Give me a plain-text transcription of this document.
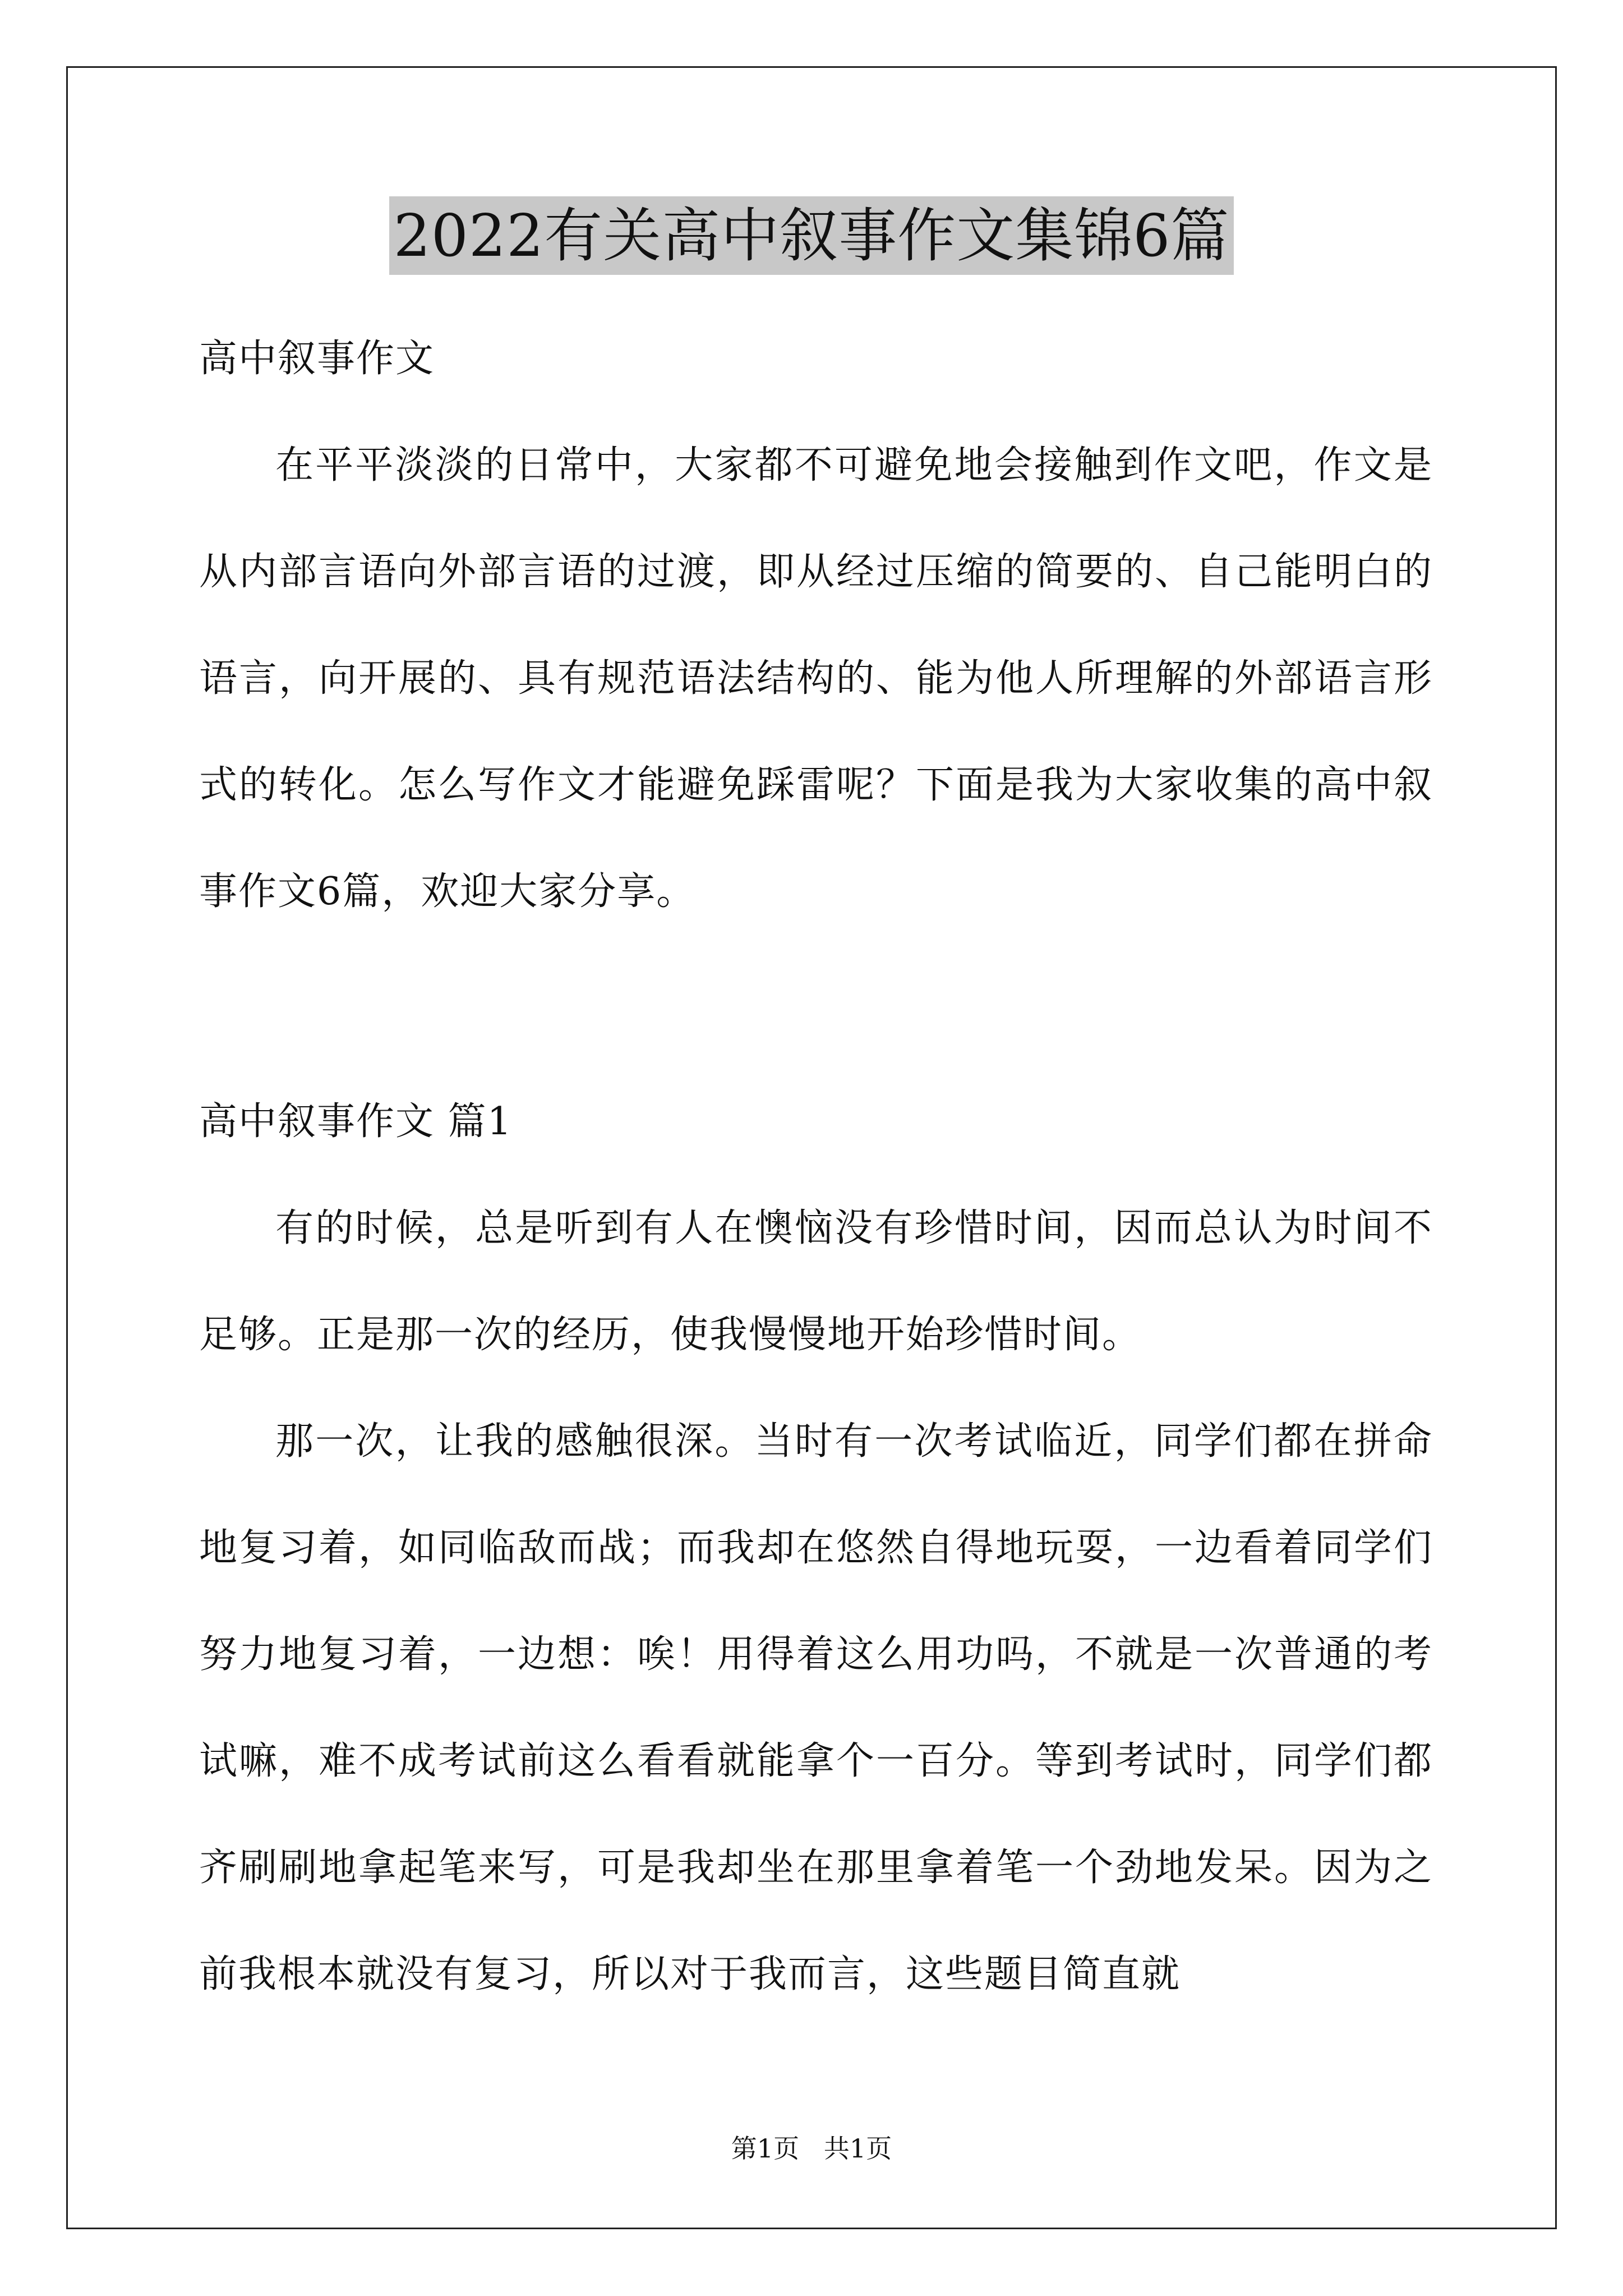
2022有关高中叙事作文集锦6篇

高中叙事作文

在平平淡淡的日常中，大家都不可避免地会接触到作文吧，作文是从内部言语向外部言语的过渡，即从经过压缩的简要的、自己能明白的语言，向开展的、具有规范语法结构的、能为他人所理解的外部语言形式的转化。怎么写作文才能避免踩雷呢？下面是我为大家收集的高中叙事作文6篇，欢迎大家分享。

高中叙事作文 篇1

有的时候，总是听到有人在懊恼没有珍惜时间，因而总认为时间不足够。正是那一次的经历，使我慢慢地开始珍惜时间。

那一次，让我的感触很深。当时有一次考试临近，同学们都在拼命地复习着，如同临敌而战；而我却在悠然自得地玩耍，一边看着同学们努力地复习着，一边想：唉！用得着这么用功吗，不就是一次普通的考试嘛，难不成考试前这么看看就能拿个一百分。等到考试时，同学们都齐刷刷地拿起笔来写，可是我却坐在那里拿着笔一个劲地发呆。因为之前我根本就没有复习，所以对于我而言，这些题目简直就

第1页   共1页
